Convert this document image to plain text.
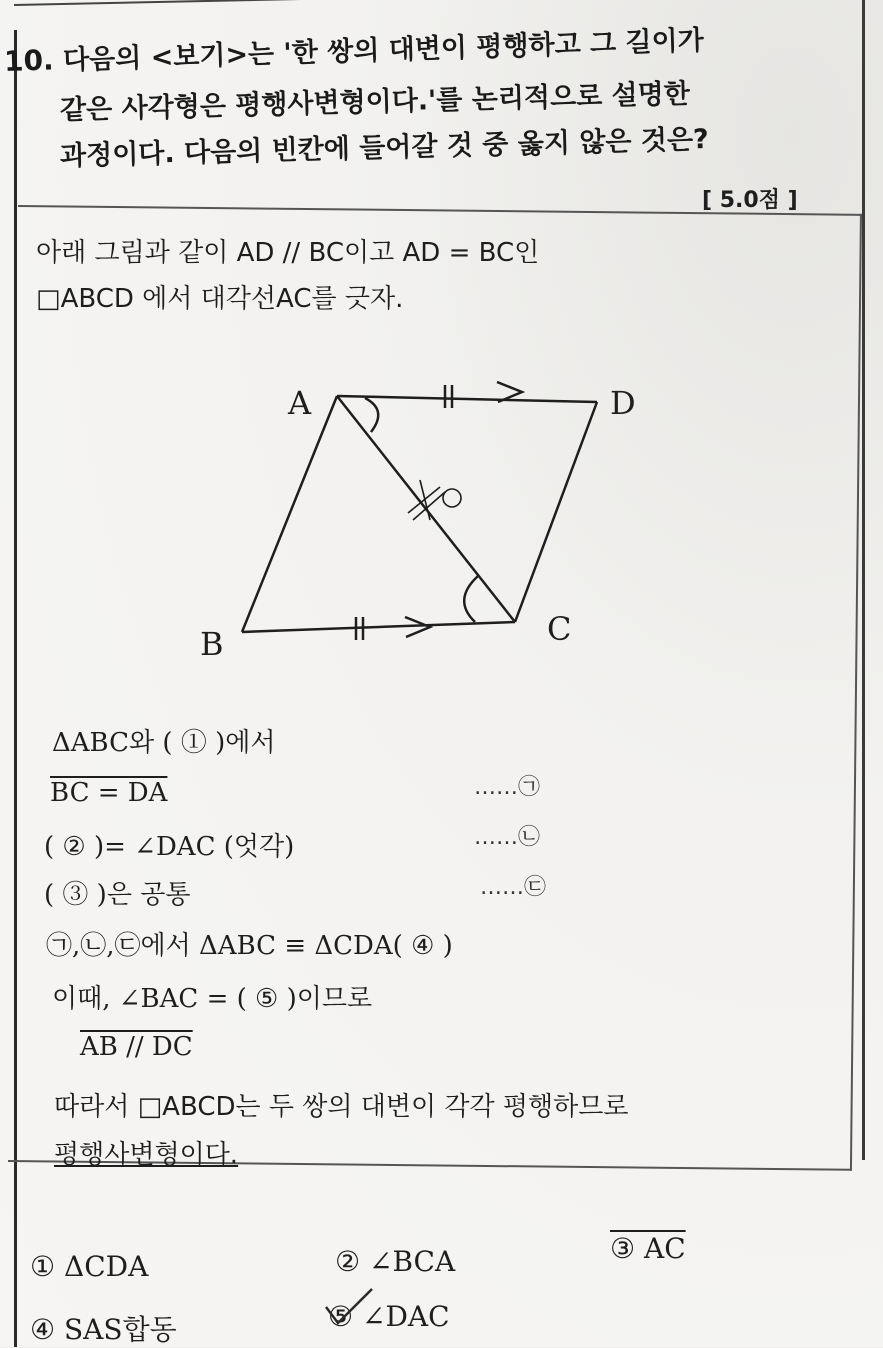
10. 다음의 <보기>는 '한 쌍의 대변이 평행하고 그 길이가
같은 사각형은 평행사변형이다.'를 논리적으로 설명한
과정이다. 다음의 빈칸에 들어갈 것 중 옳지 않은 것은?
[ 5.0점 ]
아래 그림과 같이 AD // BC이고 AD = BC인
□ABCD 에서 대각선AC를 긋자.
A	D
B	C
ΔABC와 ( ① )에서
BC = DA	……㉠
( ② )= ∠DAC (엇각)	……㉡
( ③ )은 공통	……㉢
㉠,㉡,㉢에서 ΔABC ≡ ΔCDA( ④ )
이때, ∠BAC = ( ⑤ )이므로
AB // DC
따라서 □ABCD는 두 쌍의 대변이 각각 평행하므로
평행사변형이다.
① ΔCDA	② ∠BCA	③ AC
④ SAS합동	⑤ ∠DAC
